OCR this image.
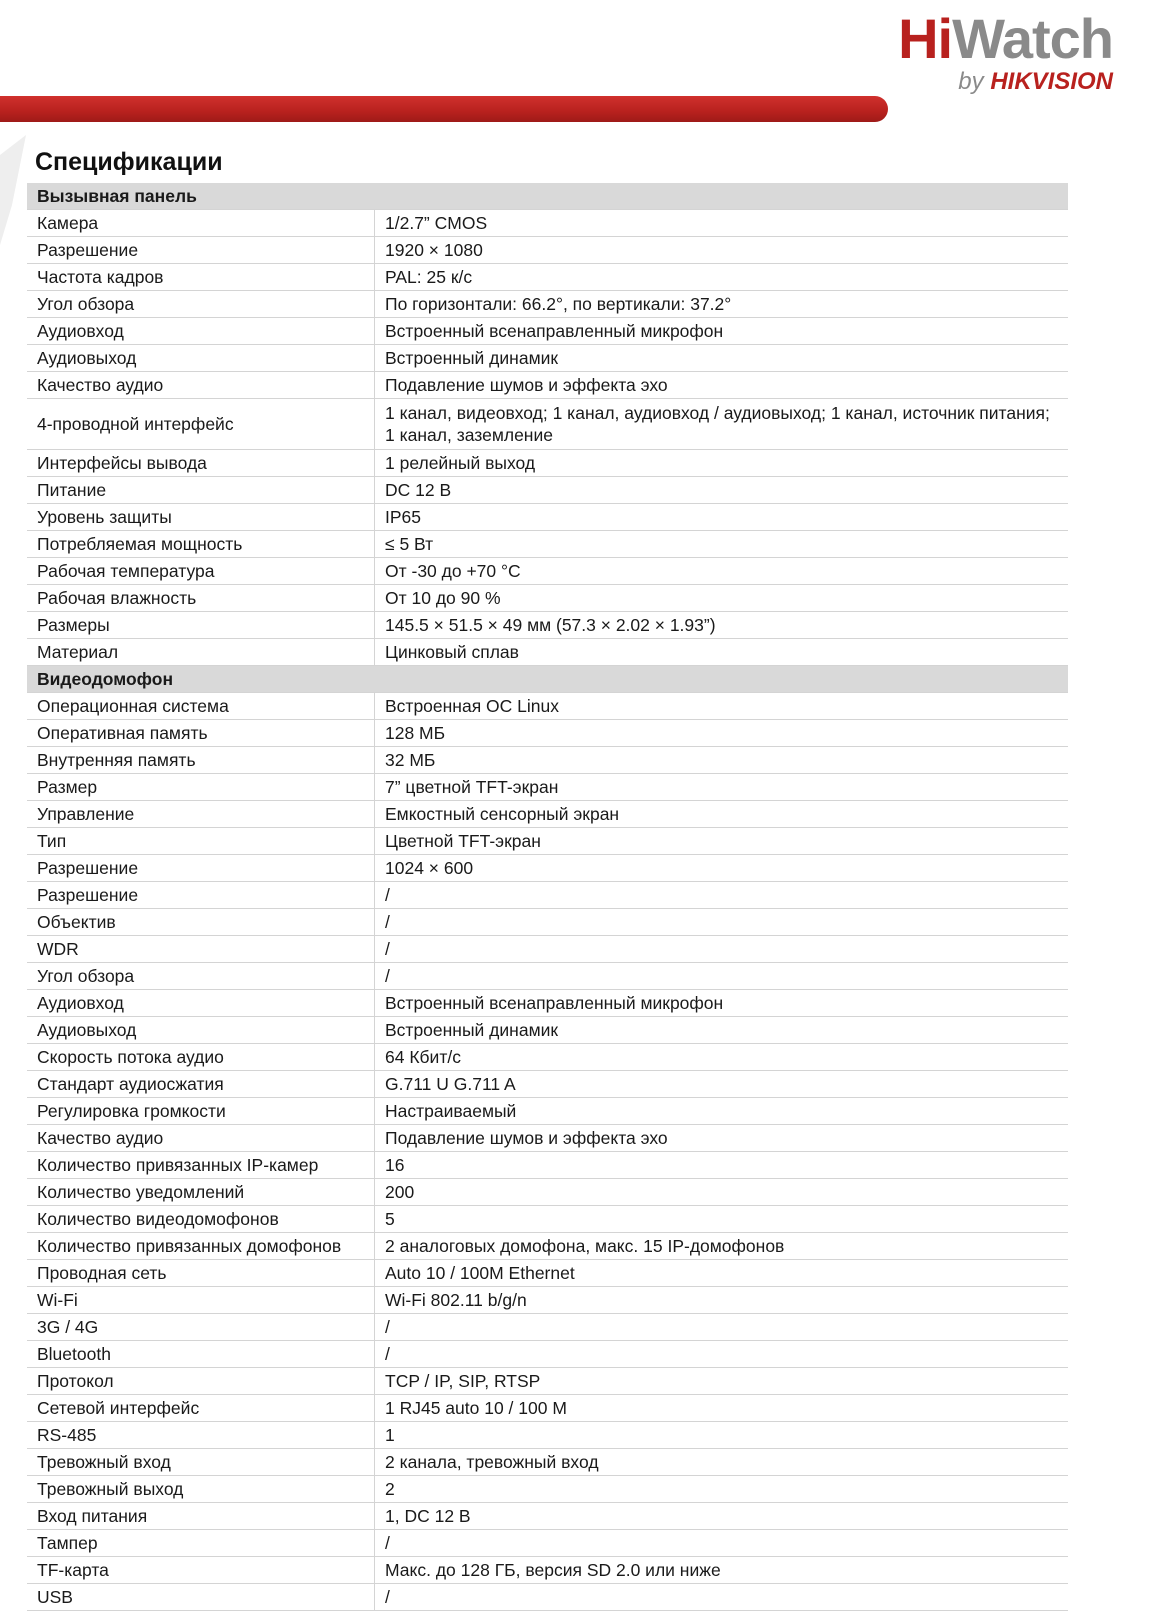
HiWatch
by HIKVISION
Спецификации
Вызывная панель	
Камера	1/2.7” CMOS
Разрешение	1920 × 1080
Частота кадров	PAL: 25 к/с
Угол обзора	По горизонтали: 66.2°, по вертикали: 37.2°
Аудиовход	Встроенный всенаправленный микрофон
Аудиовыход	Встроенный динамик
Качество аудио	Подавление шумов и эффекта эхо
4-проводной интерфейс	1 канал, видеовход; 1 канал, аудиовход / аудиовыход; 1 канал, источник питания; 1 канал, заземление
Интерфейсы вывода	1 релейный выход
Питание	DC 12 В
Уровень защиты	IP65
Потребляемая мощность	≤ 5 Вт
Рабочая температура	От -30 до +70 °С
Рабочая влажность	От 10 до 90 %
Размеры	145.5 × 51.5 × 49 мм (57.3 × 2.02 × 1.93”)
Материал	Цинковый сплав
Видеодомофон	
Операционная система	Встроенная ОС Linux
Оперативная память	128 МБ
Внутренняя память	32 МБ
Размер	7” цветной TFT-экран
Управление	Емкостный сенсорный экран
Тип	Цветной TFT-экран
Разрешение	1024 × 600
Разрешение	/
Объектив	/
WDR	/
Угол обзора	/
Аудиовход	Встроенный всенаправленный микрофон
Аудиовыход	Встроенный динамик
Скорость потока аудио	64 Кбит/с
Стандарт аудиосжатия	G.711 U G.711 A
Регулировка громкости	Настраиваемый
Качество аудио	Подавление шумов и эффекта эхо
Количество привязанных IP-камер	16
Количество уведомлений	200
Количество видеодомофонов	5
Количество привязанных домофонов	2 аналоговых домофона, макс. 15 IP-домофонов
Проводная сеть	Auto 10 / 100M Ethernet
Wi-Fi	Wi-Fi 802.11 b/g/n
3G / 4G	/
Bluetooth	/
Протокол	TCP / IP, SIP, RTSP
Сетевой интерфейс	1 RJ45 auto 10 / 100 M
RS-485	1
Тревожный вход	2 канала, тревожный вход
Тревожный выход	2
Вход питания	1, DC 12 В
Тампер	/
TF-карта	Макс. до 128 ГБ, версия SD 2.0 или ниже
USB	/
